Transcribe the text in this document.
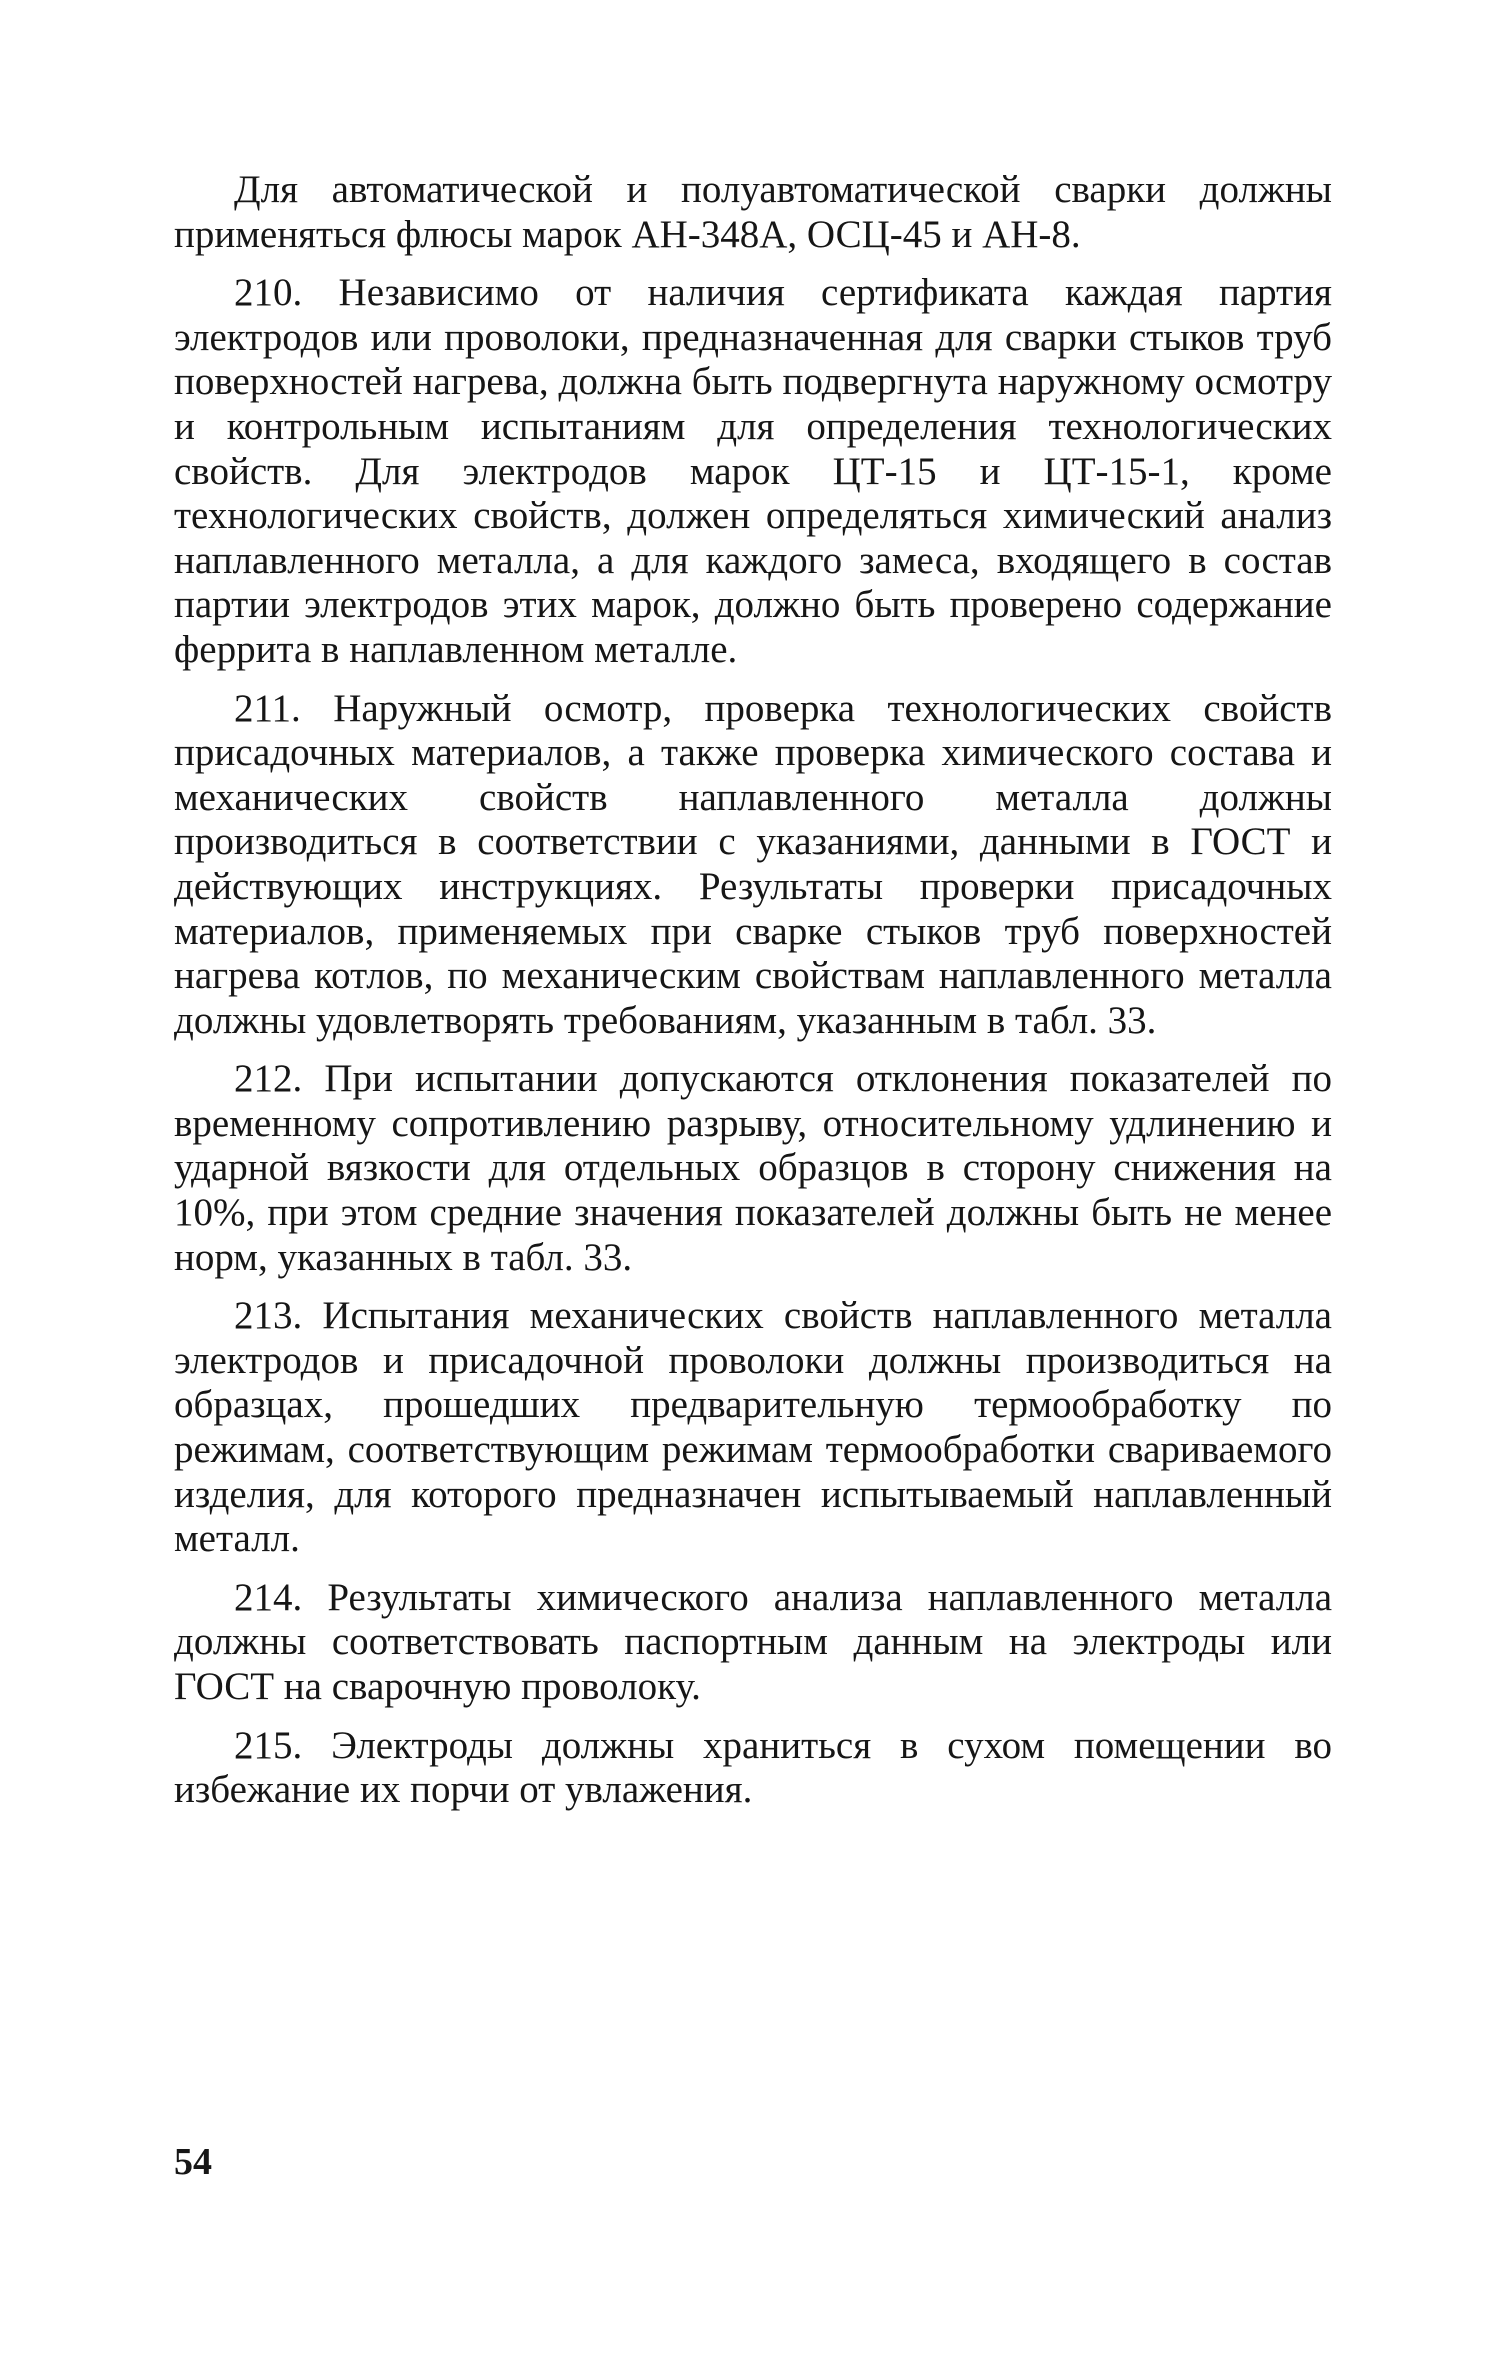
Для автоматической и полуавтоматической сварки должны применяться флюсы марок АН-348А, ОСЦ-45 и АН-8.

210. Независимо от наличия сертификата каждая партия электродов или проволоки, предназначенная для сварки стыков труб поверхностей нагрева, должна быть подвергнута наружному осмотру и контрольным испытаниям для определения технологических свойств. Для электродов марок ЦТ-15 и ЦТ-15-1, кроме технологических свойств, должен определяться химический анализ наплавленного металла, а для каждого замеса, входящего в состав партии электродов этих марок, должно быть проверено содержание феррита в наплавленном металле.

211. Наружный осмотр, проверка технологических свойств присадочных материалов, а также проверка химического состава и механических свойств наплавленного металла должны производиться в соответствии с указаниями, данными в ГОСТ и действующих инструкциях. Результаты проверки присадочных материалов, применяемых при сварке стыков труб поверхностей нагрева котлов, по механическим свойствам наплавленного металла должны удовлетворять требованиям, указанным в табл. 33.

212. При испытании допускаются отклонения показателей по временному сопротивлению разрыву, относительному удлинению и ударной вязкости для отдельных образцов в сторону снижения на 10%, при этом средние значения показателей должны быть не менее норм, указанных в табл. 33.

213. Испытания механических свойств наплавленного металла электродов и присадочной проволоки должны производиться на образцах, прошедших предварительную термообработку по режимам, соответствующим режимам термообработки свариваемого изделия, для которого предназначен испытываемый наплавленный металл.

214. Результаты химического анализа наплавленного металла должны соответствовать паспортным данным на электроды или ГОСТ на сварочную проволоку.

215. Электроды должны храниться в сухом помещении во избежание их порчи от увлажения.

54
